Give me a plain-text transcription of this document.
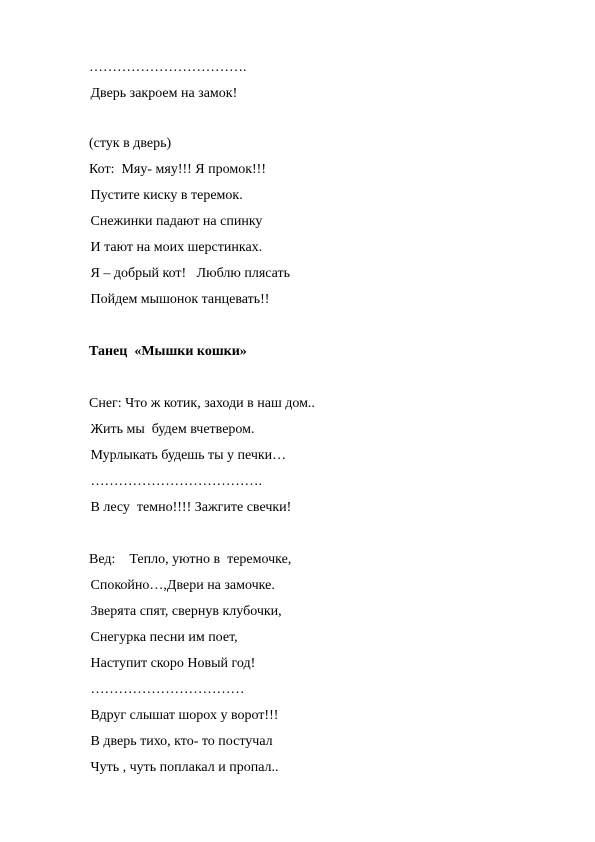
…………………………….
Дверь закроем на замок!
(стук в дверь)
Кот:  Мяу- мяу!!! Я промок!!!
Пустите киску в теремок.
Снежинки падают на спинку
И тают на моих шерстинках.
Я – добрый кот!   Люблю плясать
Пойдем мышонок танцевать!!
Танец  «Мышки кошки»
Снег: Что ж котик, заходи в наш дом..
Жить мы  будем вчетвером.
Мурлыкать будешь ты у печки…
……………………………….
В лесу  темно!!!! Зажгите свечки!
Вед:    Тепло, уютно в  теремочке,
Спокойно…,Двери на замочке.
Зверята спят, свернув клубочки,
Снегурка песни им поет,
Наступит скоро Новый год!
……………………………
Вдруг слышат шорох у ворот!!!
В дверь тихо, кто- то постучал
Чуть , чуть поплакал и пропал..
